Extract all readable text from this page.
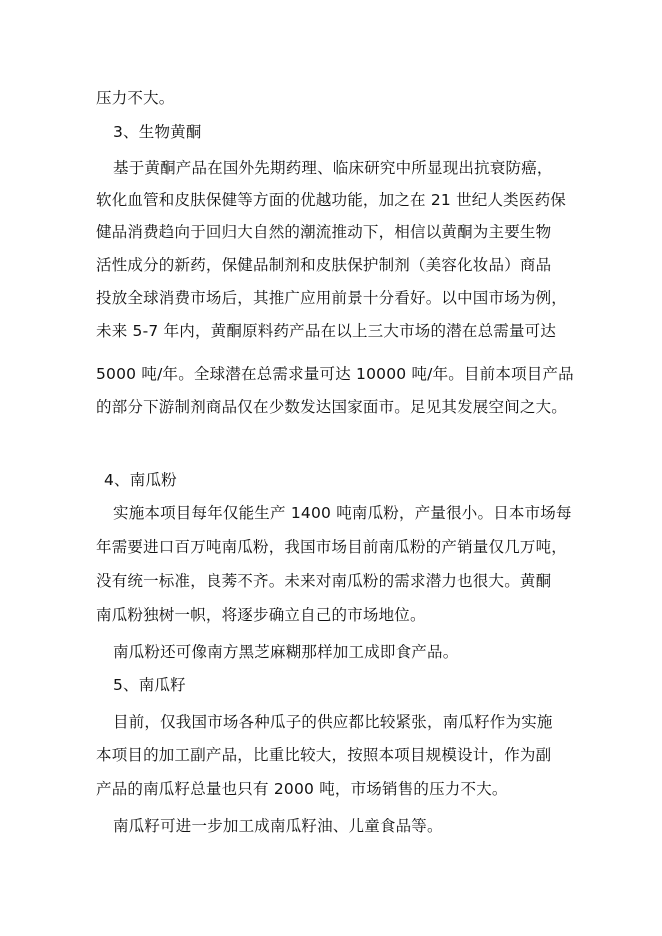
压力不大。
3、生物黄酮
基于黄酮产品在国外先期药理、临床研究中所显现出抗衰防癌，
软化血管和皮肤保健等方面的优越功能，加之在 21 世纪人类医药保
健品消费趋向于回归大自然的潮流推动下，相信以黄酮为主要生物
活性成分的新药，保健品制剂和皮肤保护制剂（美容化妆品）商品
投放全球消费市场后，其推广应用前景十分看好。以中国市场为例，
未来 5-7 年内，黄酮原料药产品在以上三大市场的潜在总需量可达
5000 吨/年。全球潜在总需求量可达 10000 吨/年。目前本项目产品
的部分下游制剂商品仅在少数发达国家面市。足见其发展空间之大。
4、南瓜粉
实施本项目每年仅能生产 1400 吨南瓜粉，产量很小。日本市场每
年需要进口百万吨南瓜粉，我国市场目前南瓜粉的产销量仅几万吨，
没有统一标准，良莠不齐。未来对南瓜粉的需求潜力也很大。黄酮
南瓜粉独树一帜，将逐步确立自己的市场地位。
南瓜粉还可像南方黑芝麻糊那样加工成即食产品。
5、南瓜籽
目前，仅我国市场各种瓜子的供应都比较紧张，南瓜籽作为实施
本项目的加工副产品，比重比较大，按照本项目规模设计，作为副
产品的南瓜籽总量也只有 2000 吨，市场销售的压力不大。
南瓜籽可进一步加工成南瓜籽油、儿童食品等。
